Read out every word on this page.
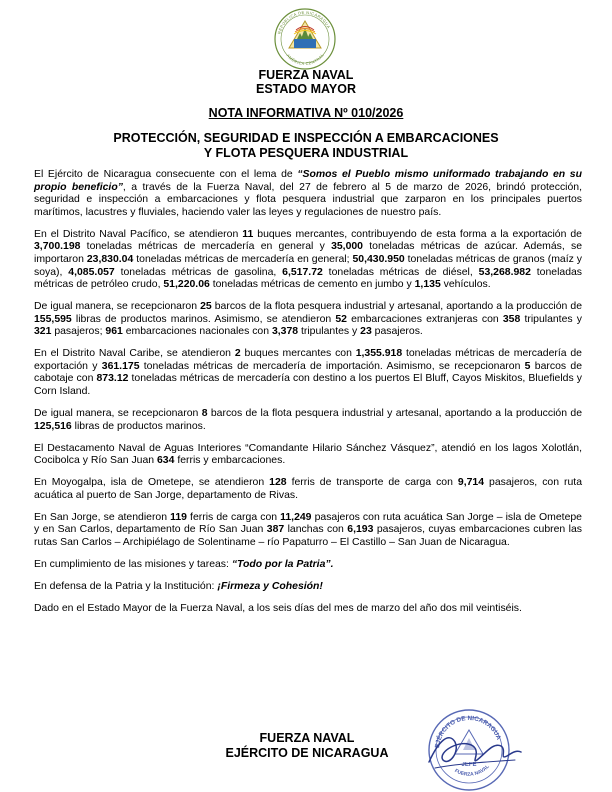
REPÚBLICA DE NICARAGUA
AMÉRICA CENTRAL
FUERZA NAVAL
ESTADO MAYOR
NOTA INFORMATIVA Nº 010/2026
PROTECCIÓN, SEGURIDAD E INSPECCIÓN A EMBARCACIONES
Y FLOTA PESQUERA INDUSTRIAL

El Ejército de Nicaragua consecuente con el lema de “Somos el Pueblo mismo uniformado trabajando en su propio beneficio”, a través de la Fuerza Naval, del 27 de febrero al 5 de marzo de 2026, brindó protección, seguridad e inspección a embarcaciones y flota pesquera industrial que zarparon en los principales puertos marítimos, lacustres y fluviales, haciendo valer las leyes y regulaciones de nuestro país.

En el Distrito Naval Pacífico, se atendieron 11 buques mercantes, contribuyendo de esta forma a la exportación de 3,700.198 toneladas métricas de mercadería en general y 35,000 toneladas métricas de azúcar. Además, se importaron 23,830.04 toneladas métricas de mercadería en general; 50,430.950 toneladas métricas de granos (maíz y soya), 4,085.057 toneladas métricas de gasolina, 6,517.72 toneladas métricas de diésel, 53,268.982 toneladas métricas de petróleo crudo, 51,220.06 toneladas métricas de cemento en jumbo y 1,135 vehículos.

De igual manera, se recepcionaron 25 barcos de la flota pesquera industrial y artesanal, aportando a la producción de 155,595 libras de productos marinos. Asimismo, se atendieron 52 embarcaciones extranjeras con 358 tripulantes y 321 pasajeros; 961 embarcaciones nacionales con 3,378 tripulantes y 23 pasajeros.

En el Distrito Naval Caribe, se atendieron 2 buques mercantes con 1,355.918 toneladas métricas de mercadería de exportación y 361.175 toneladas métricas de mercadería de importación. Asimismo, se recepcionaron 5 barcos de cabotaje con 873.12 toneladas métricas de mercadería con destino a los puertos El Bluff, Cayos Miskitos, Bluefields y Corn Island.

De igual manera, se recepcionaron 8 barcos de la flota pesquera industrial y artesanal, aportando a la producción de 125,516 libras de productos marinos.

El Destacamento Naval de Aguas Interiores “Comandante Hilario Sánchez Vásquez”, atendió en los lagos Xolotlán, Cocibolca y Río San Juan 634 ferris y embarcaciones.

En Moyogalpa, isla de Ometepe, se atendieron 128 ferris de transporte de carga con 9,714 pasajeros, con ruta acuática al puerto de San Jorge, departamento de Rivas.

En San Jorge, se atendieron 119 ferris de carga con 11,249 pasajeros con ruta acuática San Jorge – isla de Ometepe y en San Carlos, departamento de Río San Juan 387 lanchas con 6,193 pasajeros, cuyas embarcaciones cubren las rutas San Carlos – Archipiélago de Solentiname – río Papaturro – El Castillo – San Juan de Nicaragua.

En cumplimiento de las misiones y tareas: “Todo por la Patria”.

En defensa de la Patria y la Institución: ¡Firmeza y Cohesión!

Dado en el Estado Mayor de la Fuerza Naval, a los seis días del mes de marzo del año dos mil veintiséis.

FUERZA NAVAL
EJÉRCITO DE NICARAGUA
EJÉRCITO DE NICARAGUA
FUERZA NAVAL
JEFE
